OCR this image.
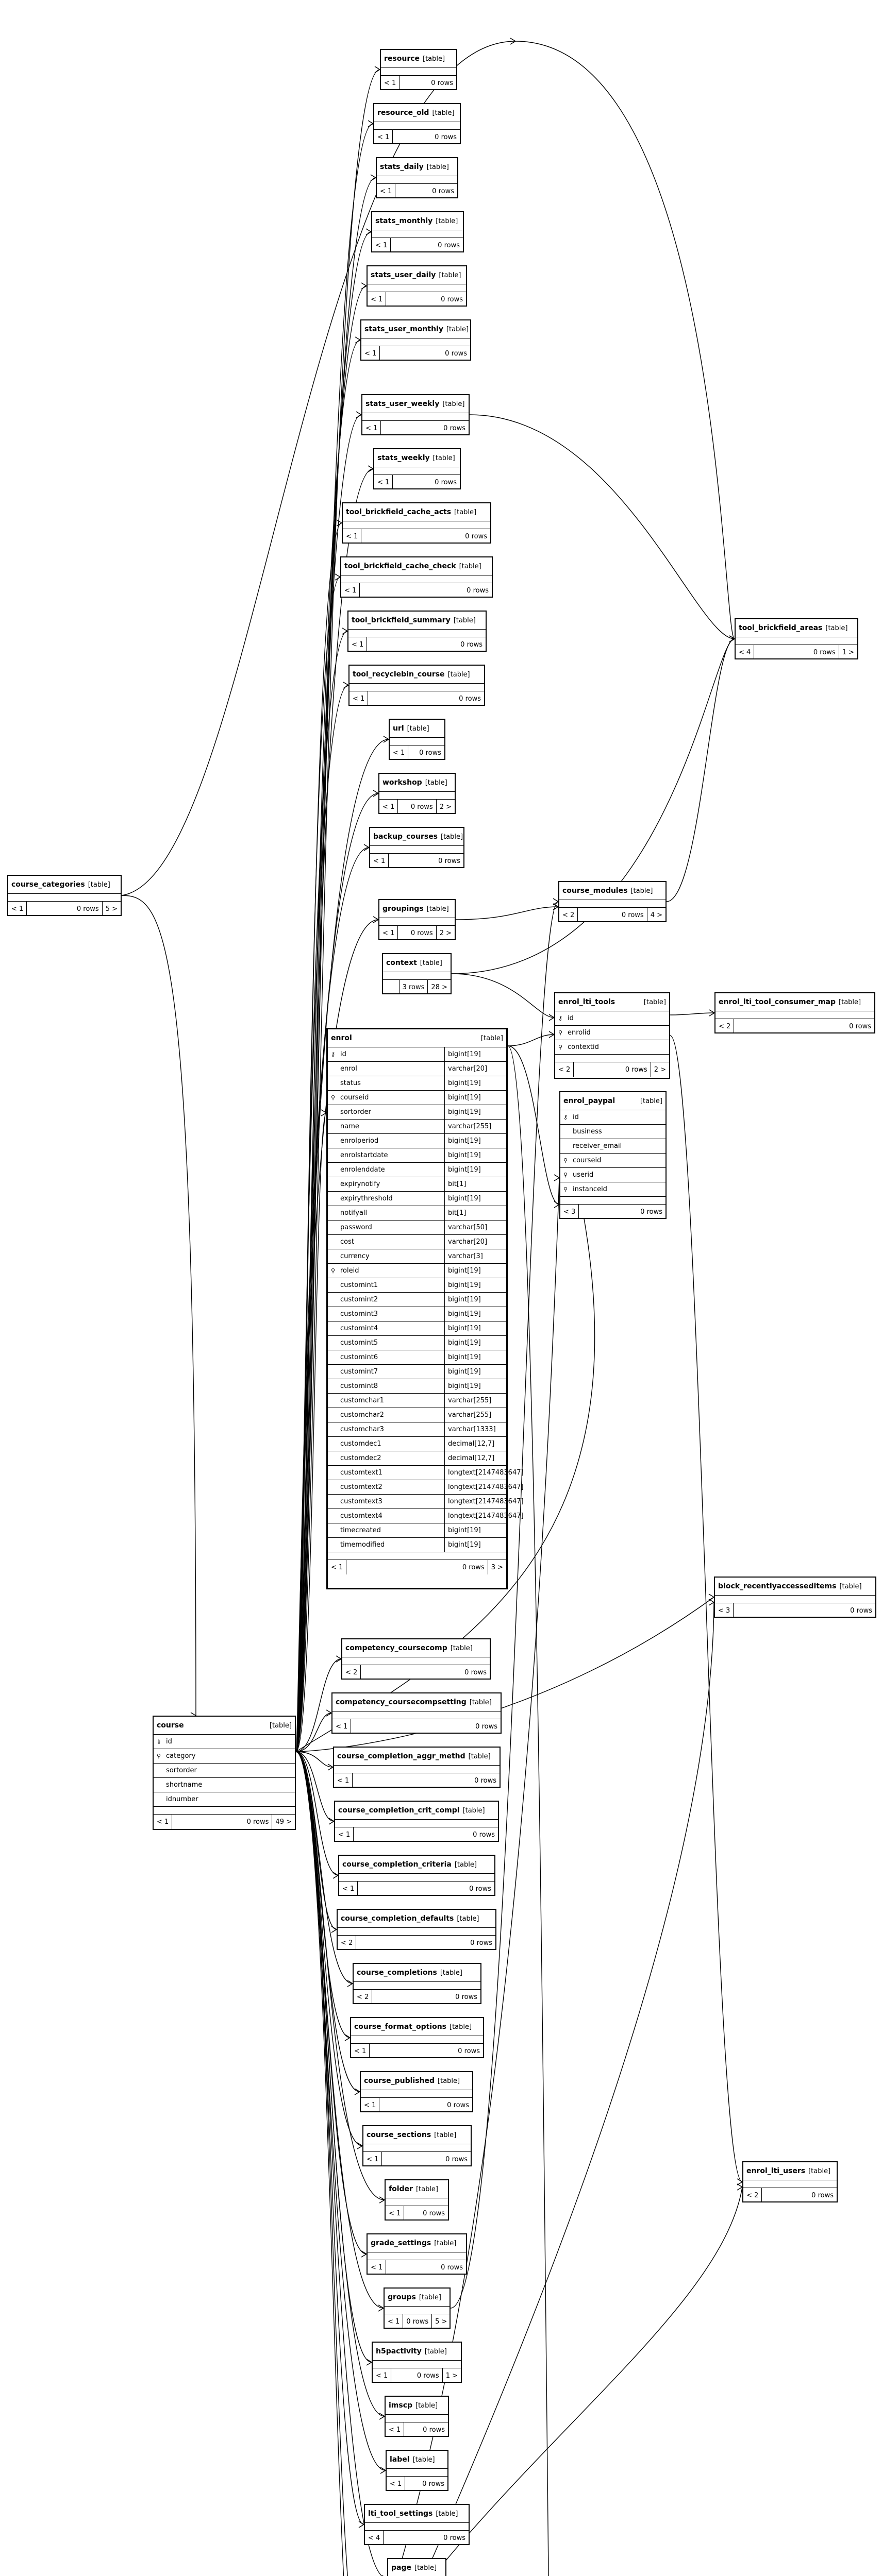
resource [table]
< 1	0 rows
resource_old [table]
< 1	0 rows
stats_daily [table]
< 1	0 rows
stats_monthly [table]
< 1	0 rows
stats_user_daily [table]
< 1	0 rows
stats_user_monthly [table]
< 1	0 rows
stats_user_weekly [table]
< 1	0 rows
stats_weekly [table]
< 1	0 rows
tool_brickfield_cache_acts [table]
< 1	0 rows
tool_brickfield_cache_check [table]
< 1	0 rows
tool_brickfield_summary [table]
< 1	0 rows
tool_recyclebin_course [table]
< 1	0 rows
url [table]
< 1	0 rows
workshop [table]
< 1	0 rows	2 >
backup_courses [table]
< 1	0 rows
groupings [table]
< 1	0 rows	2 >
context [table]
3 rows	28 >
course_modules [table]
< 2	0 rows	4 >
tool_brickfield_areas [table]
< 4	0 rows	1 >
course_categories [table]
< 1	0 rows	5 >
enrol_lti_tools	[table]
⚷ id
⚲ enrolid
⚲ contextid
< 2	0 rows	2 >
enrol_lti_tool_consumer_map [table]
< 2	0 rows
enrol_paypal	[table]
⚷ id
business
receiver_email
⚲ courseid
⚲ userid
⚲ instanceid
< 3	0 rows
enrol	[table]
⚷ id	bigint[19]
enrol	varchar[20]
status	bigint[19]
⚲ courseid	bigint[19]
sortorder	bigint[19]
name	varchar[255]
enrolperiod	bigint[19]
enrolstartdate	bigint[19]
enrolenddate	bigint[19]
expirynotify	bit[1]
expirythreshold	bigint[19]
notifyall	bit[1]
password	varchar[50]
cost	varchar[20]
currency	varchar[3]
⚲ roleid	bigint[19]
customint1	bigint[19]
customint2	bigint[19]
customint3	bigint[19]
customint4	bigint[19]
customint5	bigint[19]
customint6	bigint[19]
customint7	bigint[19]
customint8	bigint[19]
customchar1	varchar[255]
customchar2	varchar[255]
customchar3	varchar[1333]
customdec1	decimal[12,7]
customdec2	decimal[12,7]
customtext1	longtext[2147483647]
customtext2	longtext[2147483647]
customtext3	longtext[2147483647]
customtext4	longtext[2147483647]
timecreated	bigint[19]
timemodified	bigint[19]
< 1	0 rows	3 >
block_recentlyaccesseditems [table]
< 3	0 rows
course	[table]
⚷ id
⚲ category
sortorder
shortname
idnumber
< 1	0 rows	49 >
competency_coursecomp [table]
< 2	0 rows
competency_coursecompsetting [table]
< 1	0 rows
course_completion_aggr_methd [table]
< 1	0 rows
course_completion_crit_compl [table]
< 1	0 rows
course_completion_criteria [table]
< 1	0 rows
course_completion_defaults [table]
< 2	0 rows
course_completions [table]
< 2	0 rows
course_format_options [table]
< 1	0 rows
course_published [table]
< 1	0 rows
course_sections [table]
< 1	0 rows
enrol_lti_users [table]
< 2	0 rows
folder [table]
< 1	0 rows
grade_settings [table]
< 1	0 rows
groups [table]
< 1	0 rows	5 >
h5pactivity [table]
< 1	0 rows	1 >
imscp [table]
< 1	0 rows
label [table]
< 1	0 rows
lti_tool_settings [table]
< 4	0 rows
page [table]
